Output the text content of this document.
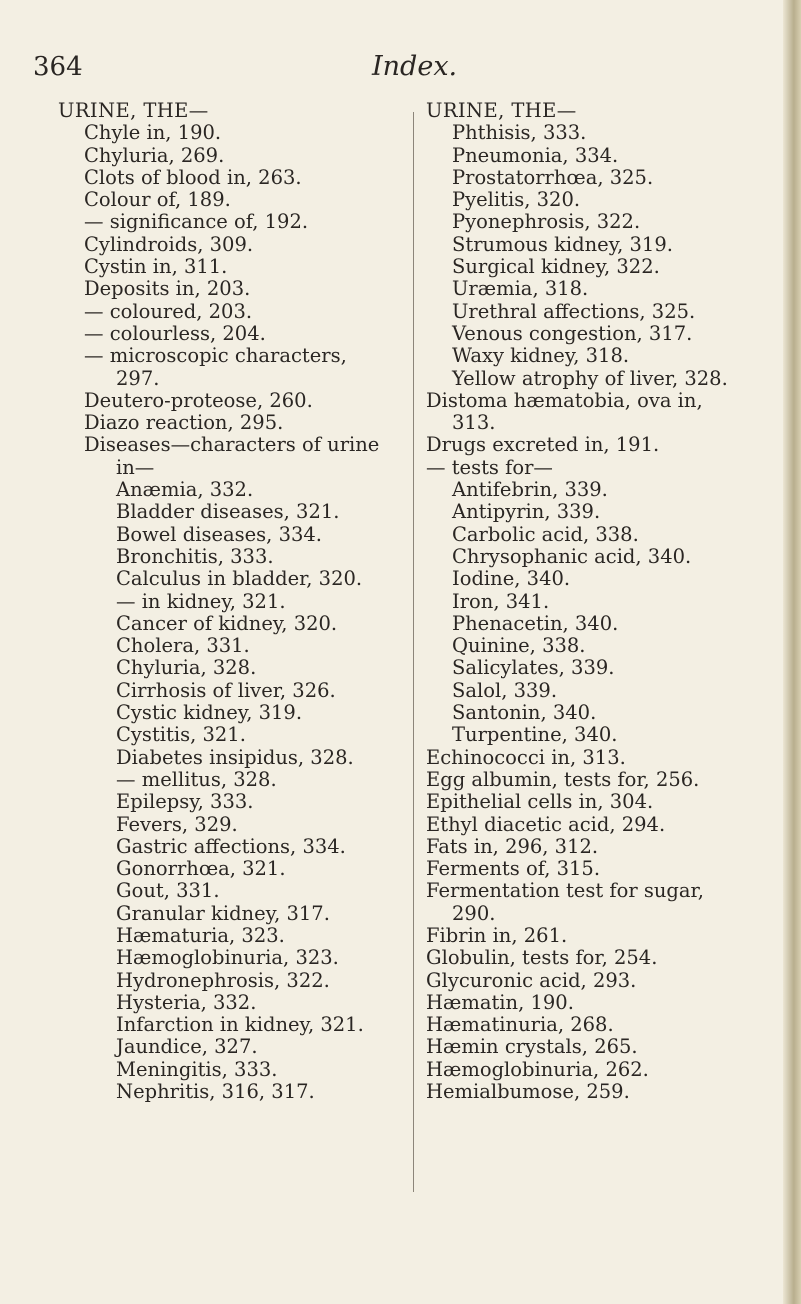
364	Index.
URINE, THE—
Chyle in, 190.
Chyluria, 269.
Clots of blood in, 263.
Colour of, 189.
— significance of, 192.
Cylindroids, 309.
Cystin in, 311.
Deposits in, 203.
— coloured, 203.
— colourless, 204.
— microscopic characters,
297.
Deutero-proteose, 260.
Diazo reaction, 295.
Diseases—characters of urine
in—
Anæmia, 332.
Bladder diseases, 321.
Bowel diseases, 334.
Bronchitis, 333.
Calculus in bladder, 320.
— in kidney, 321.
Cancer of kidney, 320.
Cholera, 331.
Chyluria, 328.
Cirrhosis of liver, 326.
Cystic kidney, 319.
Cystitis, 321.
Diabetes insipidus, 328.
— mellitus, 328.
Epilepsy, 333.
Fevers, 329.
Gastric affections, 334.
Gonorrhœa, 321.
Gout, 331.
Granular kidney, 317.
Hæmaturia, 323.
Hæmoglobinuria, 323.
Hydronephrosis, 322.
Hysteria, 332.
Infarction in kidney, 321.
Jaundice, 327.
Meningitis, 333.
Nephritis, 316, 317.
URINE, THE—
Phthisis, 333.
Pneumonia, 334.
Prostatorrhœa, 325.
Pyelitis, 320.
Pyonephrosis, 322.
Strumous kidney, 319.
Surgical kidney, 322.
Uræmia, 318.
Urethral affections, 325.
Venous congestion, 317.
Waxy kidney, 318.
Yellow atrophy of liver, 328.
Distoma hæmatobia, ova in,
313.
Drugs excreted in, 191.
— tests for—
Antifebrin, 339.
Antipyrin, 339.
Carbolic acid, 338.
Chrysophanic acid, 340.
Iodine, 340.
Iron, 341.
Phenacetin, 340.
Quinine, 338.
Salicylates, 339.
Salol, 339.
Santonin, 340.
Turpentine, 340.
Echinococci in, 313.
Egg albumin, tests for, 256.
Epithelial cells in, 304.
Ethyl diacetic acid, 294.
Fats in, 296, 312.
Ferments of, 315.
Fermentation test for sugar,
290.
Fibrin in, 261.
Globulin, tests for, 254.
Glycuronic acid, 293.
Hæmatin, 190.
Hæmatinuria, 268.
Hæmin crystals, 265.
Hæmoglobinuria, 262.
Hemialbumose, 259.
